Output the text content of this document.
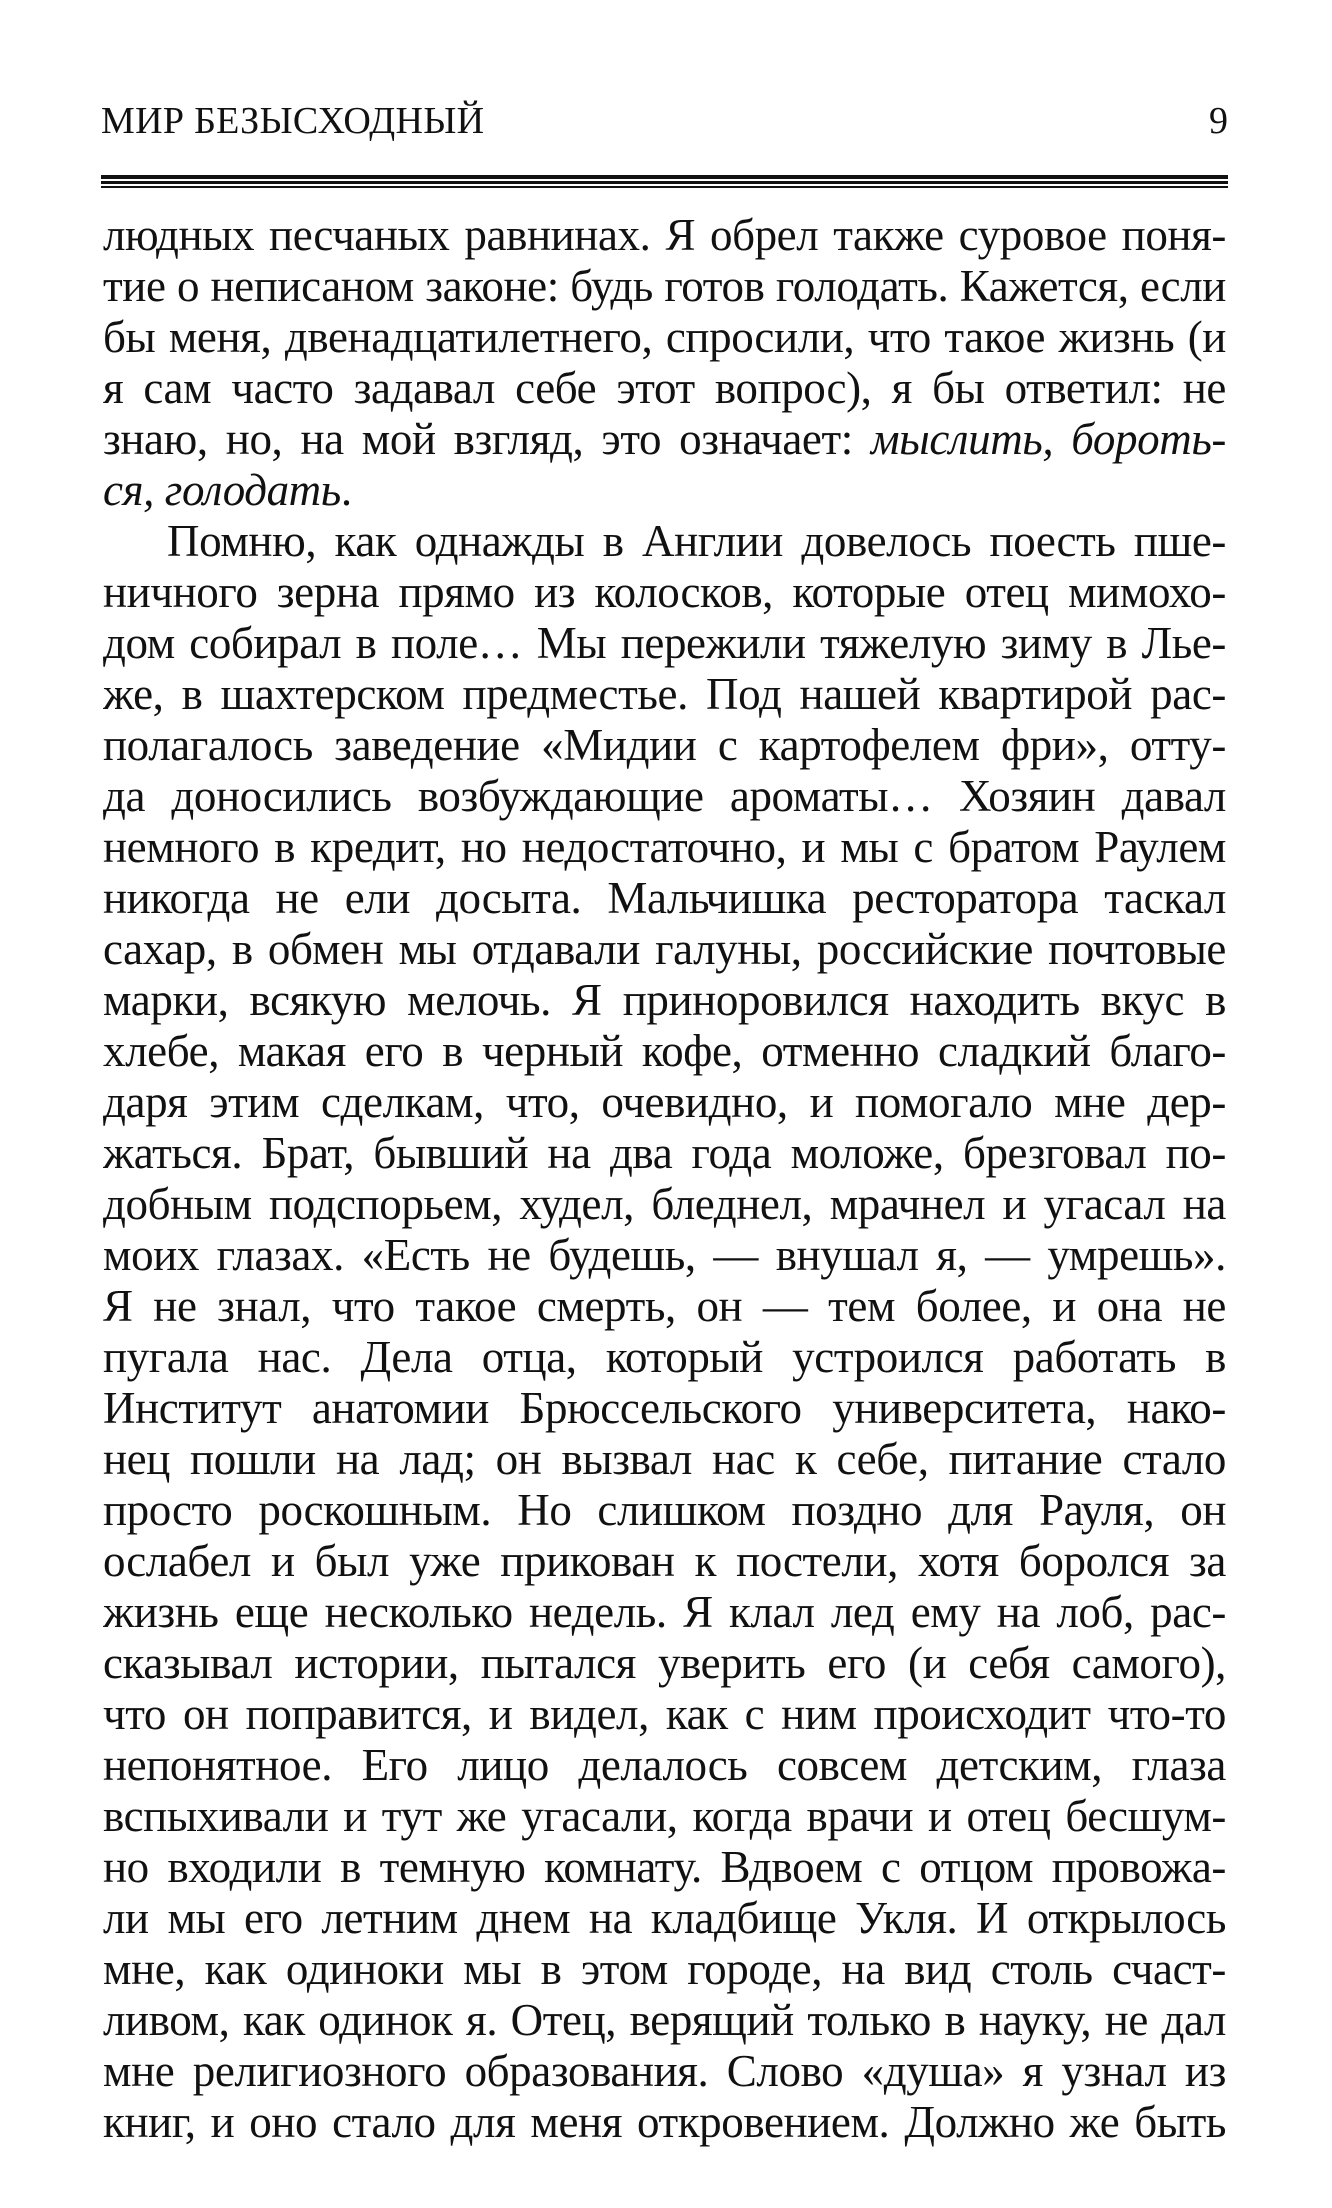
МИР БЕЗЫСХОДНЫЙ	9
людных песчаных равнинах. Я обрел также суровое поня-
тие о неписаном законе: будь готов голодать. Кажется, если
бы меня, двенадцатилетнего, спросили, что такое жизнь (и
я сам часто задавал себе этот вопрос), я бы ответил: не
знаю, но, на мой взгляд, это означает: мыслить, бороть-
ся, голодать.
Помню, как однажды в Англии довелось поесть пше-
ничного зерна прямо из колосков, которые отец мимохо-
дом собирал в поле… Мы пережили тяжелую зиму в Лье-
же, в шахтерском предместье. Под нашей квартирой рас-
полагалось заведение «Мидии с картофелем фри», отту-
да доносились возбуждающие ароматы… Хозяин давал
немного в кредит, но недостаточно, и мы с братом Раулем
никогда не ели досыта. Мальчишка ресторатора таскал
сахар, в обмен мы отдавали галуны, российские почтовые
марки, всякую мелочь. Я приноровился находить вкус в
хлебе, макая его в черный кофе, отменно сладкий благо-
даря этим сделкам, что, очевидно, и помогало мне дер-
жаться. Брат, бывший на два года моложе, брезговал по-
добным подспорьем, худел, бледнел, мрачнел и угасал на
моих глазах. «Есть не будешь, — внушал я, — умрешь».
Я не знал, что такое смерть, он — тем более, и она не
пугала нас. Дела отца, который устроился работать в
Институт анатомии Брюссельского университета, нако-
нец пошли на лад; он вызвал нас к себе, питание стало
просто роскошным. Но слишком поздно для Рауля, он
ослабел и был уже прикован к постели, хотя боролся за
жизнь еще несколько недель. Я клал лед ему на лоб, рас-
сказывал истории, пытался уверить его (и себя самого),
что он поправится, и видел, как с ним происходит что-то
непонятное. Его лицо делалось совсем детским, глаза
вспыхивали и тут же угасали, когда врачи и отец бесшум-
но входили в темную комнату. Вдвоем с отцом провожа-
ли мы его летним днем на кладбище Укля. И открылось
мне, как одиноки мы в этом городе, на вид столь счаст-
ливом, как одинок я. Отец, верящий только в науку, не дал
мне религиозного образования. Слово «душа» я узнал из
книг, и оно стало для меня откровением. Должно же быть
